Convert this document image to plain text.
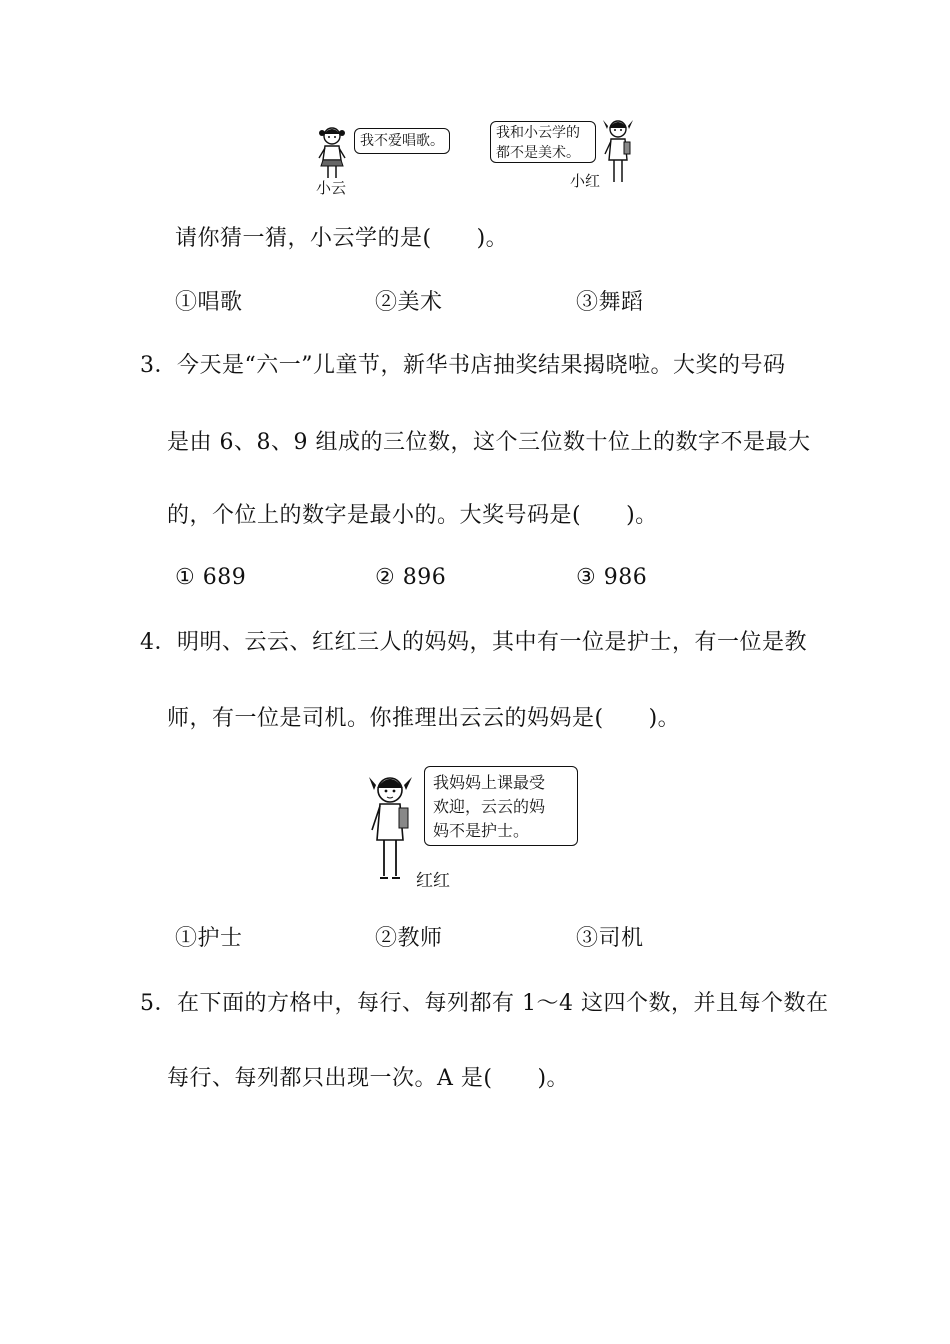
我不爱唱歌。
小云
我和小云学的
都不是美术。
小红
请你猜一猜，小云学的是(　　)。
①唱歌	②美术	③舞蹈
3．今天是“六一”儿童节，新华书店抽奖结果揭晓啦。大奖的号码
是由 6、8、9 组成的三位数，这个三位数十位上的数字不是最大
的，个位上的数字是最小的。大奖号码是(　　)。
① 689	② 896	③ 986
4．明明、云云、红红三人的妈妈，其中有一位是护士，有一位是教
师，有一位是司机。你推理出云云的妈妈是(　　)。
我妈妈上课最受
欢迎，云云的妈
妈不是护士。
红红
①护士	②教师	③司机
5．在下面的方格中，每行、每列都有 1～4 这四个数，并且每个数在
每行、每列都只出现一次。A 是(　　)。
